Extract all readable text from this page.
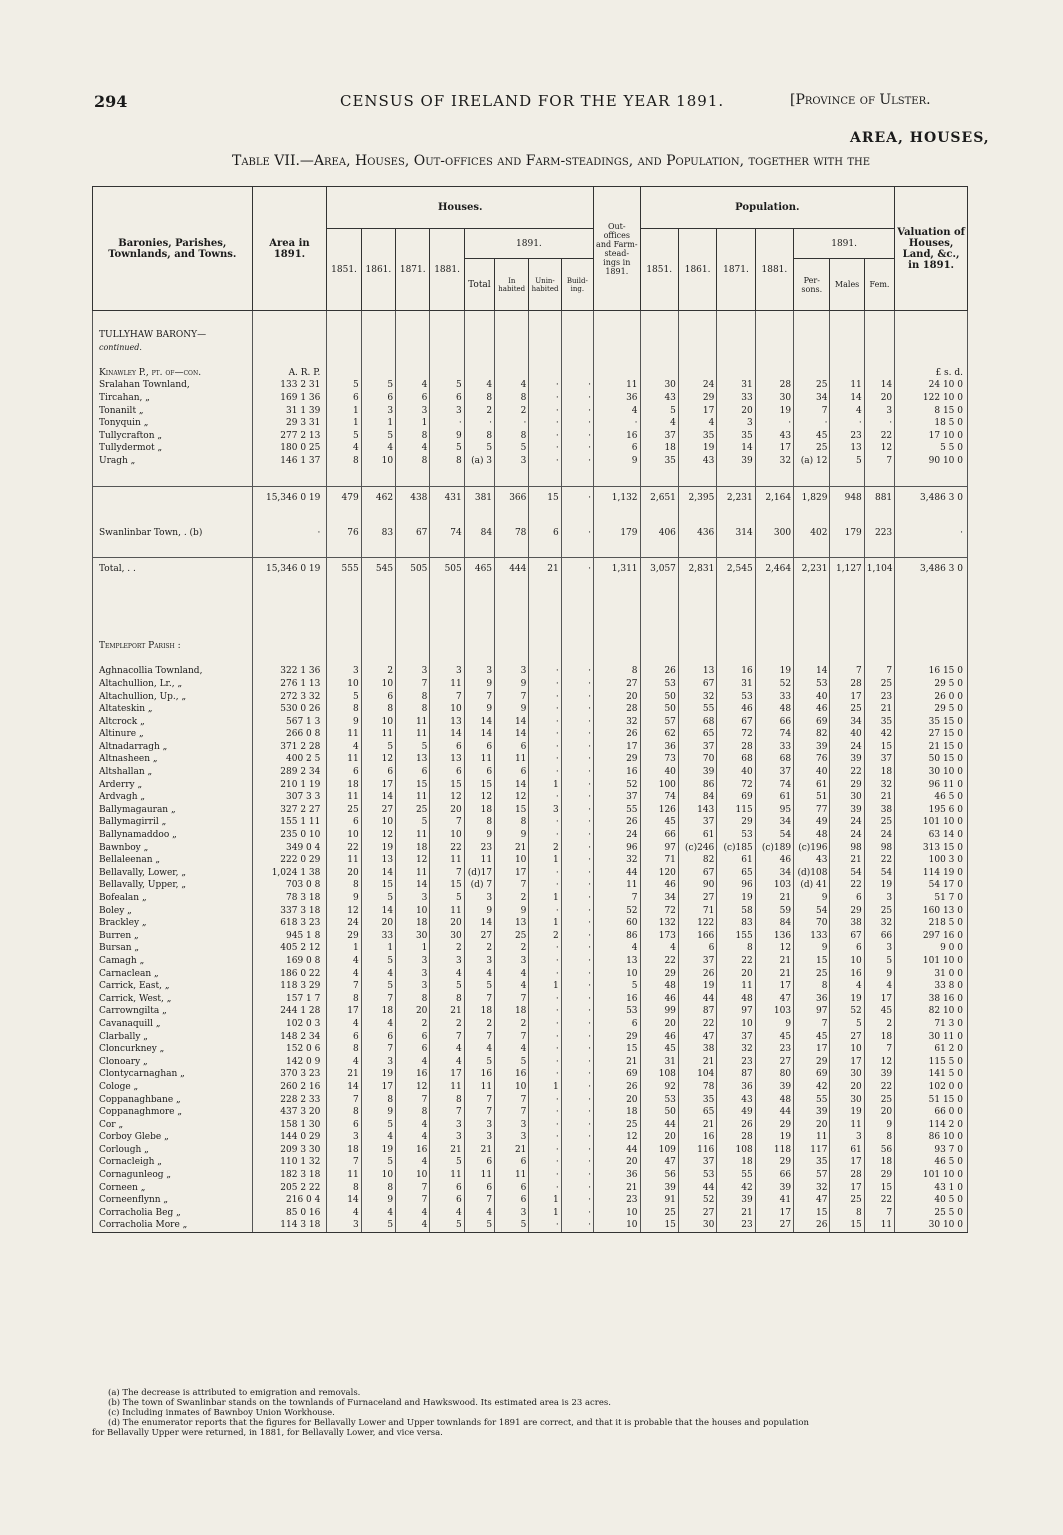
294	CENSUS OF IRELAND FOR THE YEAR 1891.	[Province of Ulster.
AREA, HOUSES,
Table VII.—Area, Houses, Out-offices and Farm-steadings, and Population, together with the
Baronies, Parishes, Townlands, and Towns.	Area in 1891.	Houses.								Out- offices and Farm- stead- ings in 1891.	Population.							Valuation of Houses, Land, &c., in 1891.
		1851.	1861.	1871.	1881.	1891.					1851.	1861.	1871.	1881.	1891.			
						Total	In habited	Unin- habited	Build- ing.						Per- sons.	Males	Fem.	

TULLYHAW BARONY—																		
continued.																		

Kinawley P., pt. of—con.	A. R. P.																	£ s. d.
Sralahan Townland,	133 2 31	5	5	4	5	4	4	·	·	11	30	24	31	28	25	11	14	24 10 0
Tircahan, „	169 1 36	6	6	6	6	8	8	·	·	36	43	29	33	30	34	14	20	122 10 0
Tonanilt „	31 1 39	1	3	3	3	2	2	·	·	4	5	17	20	19	7	4	3	8 15 0
Tonyquin „	29 3 31	1	1	1	·	·	·	·	·	·	4	4	3	·	·	·	·	18 5 0
Tullycrafton „	277 2 13	5	5	8	9	8	8	·	·	16	37	35	35	43	45	23	22	17 10 0
Tullydermot „	180 0 25	4	4	4	5	5	5	·	·	6	18	19	14	17	25	13	12	5 5 0
Uragh „	146 1 37	8	10	8	8	(a) 3	3	·	·	9	35	43	39	32	(a) 12	5	7	90 10 0

	15,346 0 19	479	462	438	431	381	366	15	·	1,132	2,651	2,395	2,231	2,164	1,829	948	881	3,486 3 0

Swanlinbar Town, . (b)	·	76	83	67	74	84	78	6	·	179	406	436	314	300	402	179	223	·

Total, . .	15,346 0 19	555	545	505	505	465	444	21	·	1,311	3,057	2,831	2,545	2,464	2,231	1,127	1,104	3,486 3 0

Templeport Parish :																		

Aghnacollia Townland,	322 1 36	3	2	3	3	3	3	·	·	8	26	13	16	19	14	7	7	16 15 0
Altachullion, Lr., „	276 1 13	10	10	7	11	9	9	·	·	27	53	67	31	52	53	28	25	29 5 0
Altachullion, Up., „	272 3 32	5	6	8	7	7	7	·	·	20	50	32	53	33	40	17	23	26 0 0
Altateskin „	530 0 26	8	8	8	10	9	9	·	·	28	50	55	46	48	46	25	21	29 5 0
Altcrock „	567 1 3	9	10	11	13	14	14	·	·	32	57	68	67	66	69	34	35	35 15 0
Altinure „	266 0 8	11	11	11	14	14	14	·	·	26	62	65	72	74	82	40	42	27 15 0
Altnadarragh „	371 2 28	4	5	5	6	6	6	·	·	17	36	37	28	33	39	24	15	21 15 0
Altnasheen „	400 2 5	11	12	13	13	11	11	·	·	29	73	70	68	68	76	39	37	50 15 0
Altshallan „	289 2 34	6	6	6	6	6	6	·	·	16	40	39	40	37	40	22	18	30 10 0
Arderry „	210 1 19	18	17	15	15	15	14	1	·	52	100	86	72	74	61	29	32	96 11 0
Ardvagh „	307 3 3	11	14	11	12	12	12	·	·	37	74	84	69	61	51	30	21	46 5 0
Ballymagauran „	327 2 27	25	27	25	20	18	15	3	·	55	126	143	115	95	77	39	38	195 6 0
Ballymagirril „	155 1 11	6	10	5	7	8	8	·	·	26	45	37	29	34	49	24	25	101 10 0
Ballynamaddoo „	235 0 10	10	12	11	10	9	9	·	·	24	66	61	53	54	48	24	24	63 14 0
Bawnboy „	349 0 4	22	19	18	22	23	21	2	·	96	97	(c)246	(c)185	(c)189	(c)196	98	98	313 15 0
Bellaleenan „	222 0 29	11	13	12	11	11	10	1	·	32	71	82	61	46	43	21	22	100 3 0
Bellavally, Lower, „	1,024 1 38	20	14	11	7	(d)17	17	·	·	44	120	67	65	34	(d)108	54	54	114 19 0
Bellavally, Upper, „	703 0 8	8	15	14	15	(d) 7	7	·	·	11	46	90	96	103	(d) 41	22	19	54 17 0
Bofealan „	78 3 18	9	5	3	5	3	2	1	·	7	34	27	19	21	9	6	3	51 7 0
Boley „	337 3 18	12	14	10	11	9	9	·	·	52	72	71	58	59	54	29	25	160 13 0
Brackley „	618 3 23	24	20	18	20	14	13	1	·	60	132	122	83	84	70	38	32	218 5 0
Burren „	945 1 8	29	33	30	30	27	25	2	·	86	173	166	155	136	133	67	66	297 16 0
Bursan „	405 2 12	1	1	1	2	2	2	·	·	4	4	6	8	12	9	6	3	9 0 0
Camagh „	169 0 8	4	5	3	3	3	3	·	·	13	22	37	22	21	15	10	5	101 10 0
Carnaclean „	186 0 22	4	4	3	4	4	4	·	·	10	29	26	20	21	25	16	9	31 0 0
Carrick, East, „	118 3 29	7	5	3	5	5	4	1	·	5	48	19	11	17	8	4	4	33 8 0
Carrick, West, „	157 1 7	8	7	8	8	7	7	·	·	16	46	44	48	47	36	19	17	38 16 0
Carrowngilta „	244 1 28	17	18	20	21	18	18	·	·	53	99	87	97	103	97	52	45	82 10 0
Cavanaquill „	102 0 3	4	4	2	2	2	2	·	·	6	20	22	10	9	7	5	2	71 3 0
Clarbally „	148 2 34	6	6	6	7	7	7	·	·	29	46	47	37	45	45	27	18	30 11 0
Cloncurkney „	152 0 6	8	7	6	4	4	4	·	·	15	45	38	32	23	17	10	7	61 2 0
Clonoary „	142 0 9	4	3	4	4	5	5	·	·	21	31	21	23	27	29	17	12	115 5 0
Clontycarnaghan „	370 3 23	21	19	16	17	16	16	·	·	69	108	104	87	80	69	30	39	141 5 0
Cologe „	260 2 16	14	17	12	11	11	10	1	·	26	92	78	36	39	42	20	22	102 0 0
Coppanaghbane „	228 2 33	7	8	7	8	7	7	·	·	20	53	35	43	48	55	30	25	51 15 0
Coppanaghmore „	437 3 20	8	9	8	7	7	7	·	·	18	50	65	49	44	39	19	20	66 0 0
Cor „	158 1 30	6	5	4	3	3	3	·	·	25	44	21	26	29	20	11	9	114 2 0
Corboy Glebe „	144 0 29	3	4	4	3	3	3	·	·	12	20	16	28	19	11	3	8	86 10 0
Corlough „	209 3 30	18	19	16	21	21	21	·	·	44	109	116	108	118	117	61	56	93 7 0
Cornacleigh „	110 1 32	7	5	4	5	6	6	·	·	20	47	37	18	29	35	17	18	46 5 0
Cornagunleog „	182 3 18	11	10	10	11	11	11	·	·	36	56	53	55	66	57	28	29	101 10 0
Corneen „	205 2 22	8	8	7	6	6	6	·	·	21	39	44	42	39	32	17	15	43 1 0
Corneenflynn „	216 0 4	14	9	7	6	7	6	1	·	23	91	52	39	41	47	25	22	40 5 0
Corracholia Beg „	85 0 16	4	4	4	4	4	3	1	·	10	25	27	21	17	15	8	7	25 5 0
Corracholia More „	114 3 18	3	5	4	5	5	5	·	·	10	15	30	23	27	26	15	11	30 10 0
(a) The decrease is attributed to emigration and removals.
(b) The town of Swanlinbar stands on the townlands of Furnaceland and Hawkswood. Its estimated area is 23 acres.
(c) Including inmates of Bawnboy Union Workhouse.
(d) The enumerator reports that the figures for Bellavally Lower and Upper townlands for 1891 are correct, and that it is probable that the houses and population
for Bellavally Upper were returned, in 1881, for Bellavally Lower, and vice versa.
